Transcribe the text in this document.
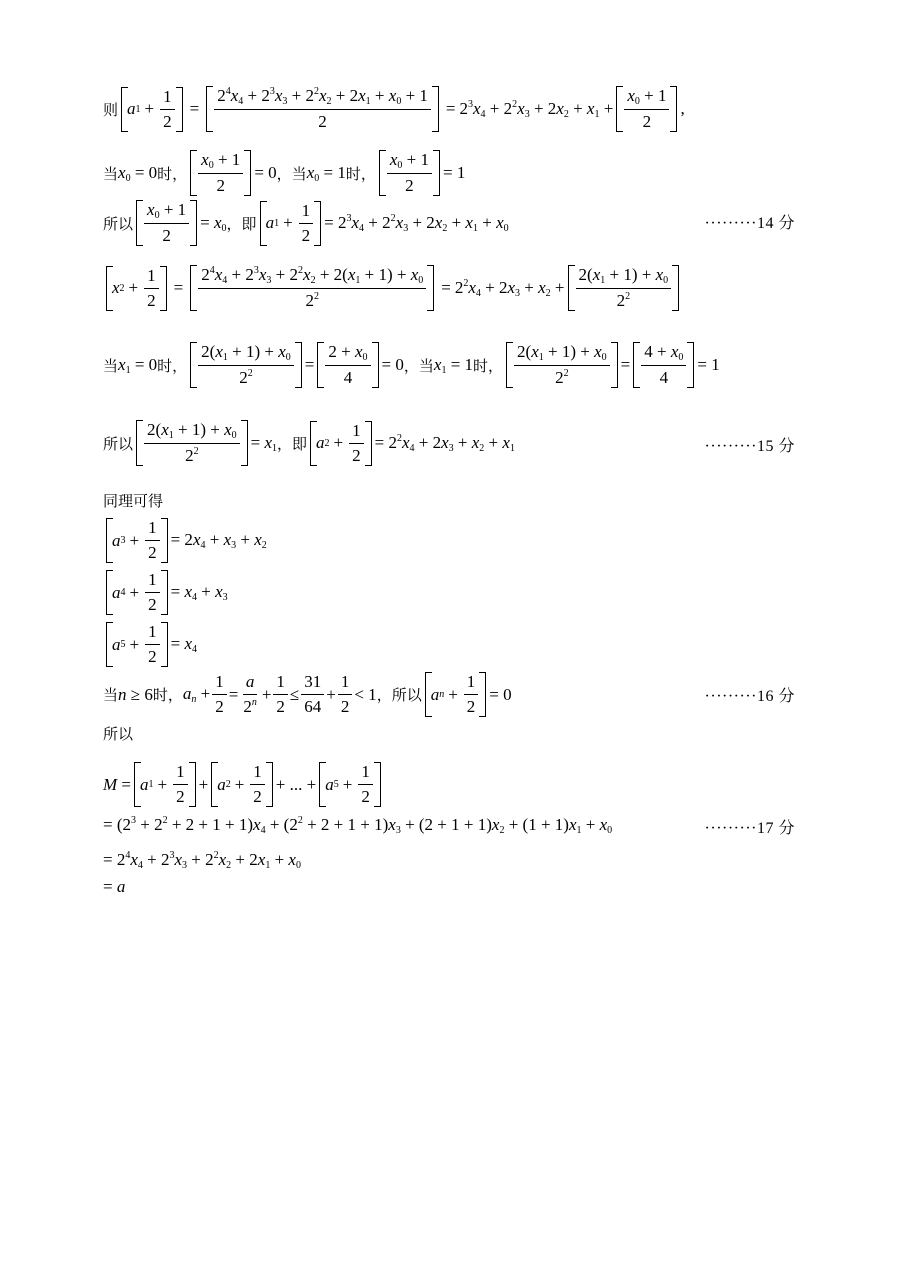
则 a $1 + \frac{1}{2}$ =
$2^4x_4 + 2^3x_3 + 2^2x_2 + 2x_1 + x_0 + 1$
2
= $2^3x_4 + 2^2x_3 + 2x_2 + x_1$ +
$x_0 + 1$
2
,
当 $x_0 = 0$ 时，
$x_0 + 1$
2
= 0 ， 当 $x_0 = 1$ 时，
$x_0 + 1$
2
= 1
所以
$x_0 + 1$
2
= $x_0$ ，即 a $1 + \frac{1}{2} = 2^3x_4 + 2^2x_3 + 2x_2 + x_1 + x_0$	·········14 分
x $2 + \frac{1}{2}$ =
$2^4x_4 + 2^3x_3 + 2^2x_2 + 2(x_1 + 1) + x_0$
$2^2$	= $2^2x_4 + 2x_3 + x_2$ +
$2(x_1 + 1) + x_0$
$2^2$
当 $x_1 = 0$ 时，
$2(x_1 + 1) + x_0$
$2^2$	=
$2 + x_0$
4
= 0 ， 当 $x_1 = 1$ 时，
$2(x_1 + 1) + x_0$
$2^2$	=
$4 + x_0$
4
= 1
所以
$2(x_1 + 1) + x_0$
$2^2$	= $x_1$ ，即 a $2 + \frac{1}{2} = 2^2x_4 + 2x_3 + x_2 + x_1$	·········15 分
同理可得
a $3 + \frac{1}{2} = 2x_4 + x_3 + x_2$
a $4 + \frac{1}{2} = x_4 + x_3$
a $5 + \frac{1}{2} = x_4$
当 n ≥ 6 时， $a_n + \frac{1}{2} = \frac{a}{2^n} + \frac{1}{2} \le \frac{31}{64} + \frac{1}{2} < 1$ ，所以 a $n + \frac{1}{2} = 0$	·········16 分
所以
M = a $1 + \frac{1}{2} + a$ $2 + \frac{1}{2}$ + ... + a $5 + \frac{1}{2}$
= $(2^3 + 2^2 + 2 + 1 + 1)x_4 + (2^2 + 2 + 1 + 1)x_3 + (2 + 1 + 1)x_2 + (1 + 1)x_1 + x_0$	·········17 分
= $2^4x_4 + 2^3x_3 + 2^2x_2 + 2x_1 + x_0$
= a
